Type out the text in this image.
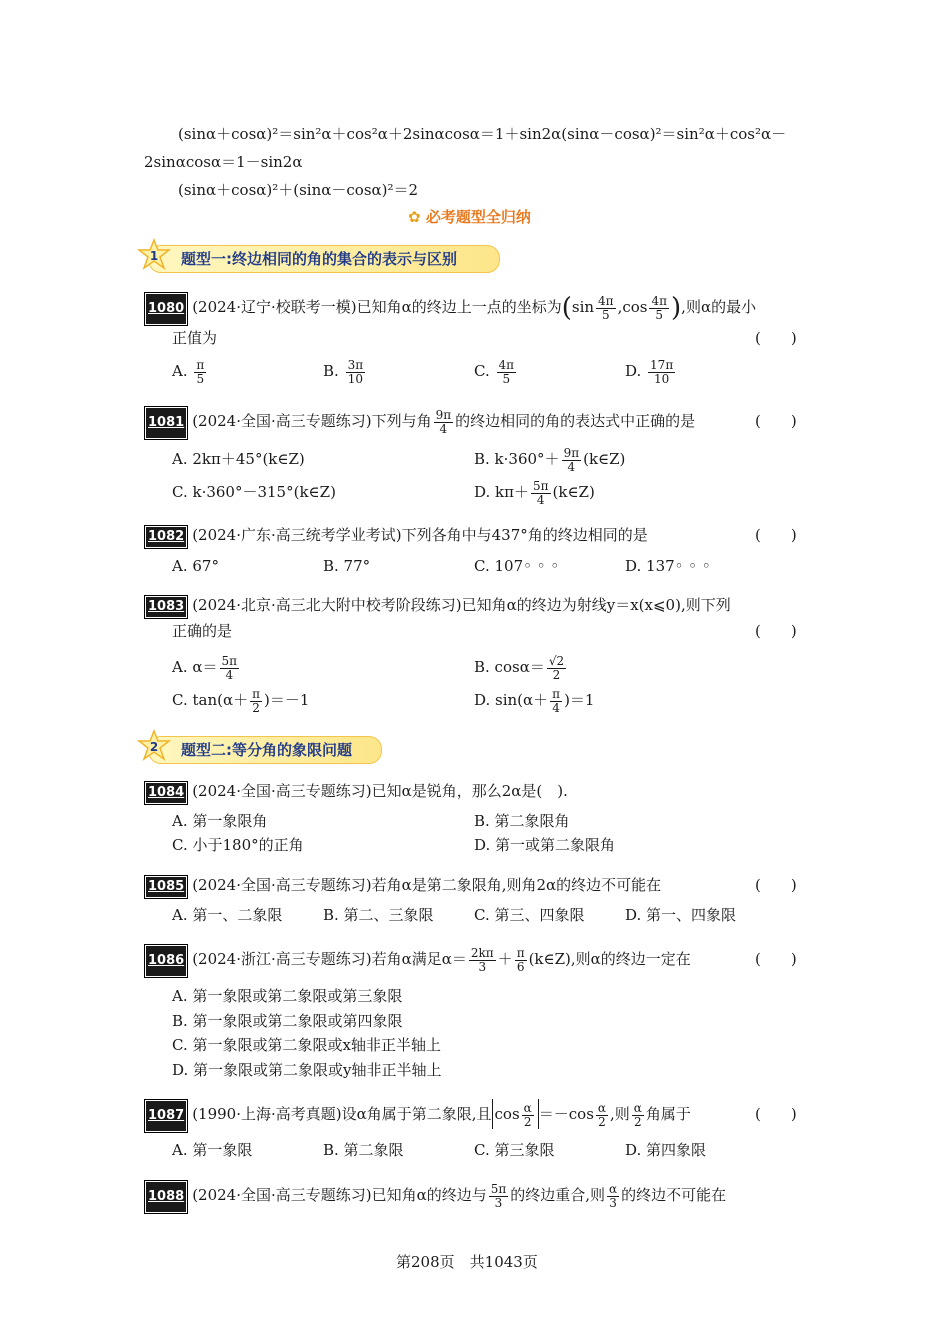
(sinα＋cosα)²＝sin²α＋cos²α＋2sinαcosα＝1＋sin2α(sinα－cosα)²＝sin²α＋cos²α－
2sinαcosα＝1－sin2α
(sinα＋cosα)²＋(sinα－cosα)²＝2
✿ 必考题型全归纳
1 题型一:终边相同的角的集合的表示与区别
1080 (2024·辽宁·校联考一模)已知角α的终边上一点的坐标为($\sin \frac{4\pi}{5} ,\cos \frac{4\pi}{5}$ ),则α的最小
正值为	(　　)
A. $\frac{\pi}{5}$	B. $\frac{3\pi}{10}$	C. $\frac{4\pi}{5}$	D. $\frac{17\pi}{10}$
1081 (2024·全国·高三专题练习)下列与角 $\frac{9\pi}{4}$ 的终边相同的角的表达式中正确的是	(　　)
A. 2kπ＋45°(k∈Z)	B. $k\cdot 360^\circ+ \frac{9\pi}{4}$ (k∈Z)
C. k·360°－315°(k∈Z)	D. $k\pi+ \frac{5\pi}{4}$ (k∈Z)
1082 (2024·广东·高三统考学业考试)下列各角中与437°角的终边相同的是	(　　)
A. 67°	B. 77°	C. 107◦ ◦ ◦	D. 137◦ ◦ ◦
1083 (2024·北京·高三北大附中校考阶段练习)已知角α的终边为射线y＝x(x⩽0),则下列
正确的是	(　　)
A. $\alpha= \frac{5\pi}{4}$	B. $\cos\alpha= \frac{√2}{2}$
C. $\tan(\alpha+ \frac{\pi}{2} )=-1$	D. $\sin(\alpha+ \frac{\pi}{4} )=1$
2 题型二:等分角的象限问题
1084 (2024·全国·高三专题练习)已知α是锐角，那么2α是(　).
A. 第一象限角	B. 第二象限角
C. 小于180°的正角	D. 第一或第二象限角
1085 (2024·全国·高三专题练习)若角α是第二象限角,则角2α的终边不可能在	(　　)
A. 第一、二象限	B. 第二、三象限	C. 第三、四象限	D. 第一、四象限
1086 (2024·浙江·高三专题练习)若角α满足$\alpha= \frac{2k\pi}{3} + \frac{\pi}{6}$ (k∈Z),则α的终边一定在	(　　)
A. 第一象限或第二象限或第三象限
B. 第一象限或第二象限或第四象限
C. 第一象限或第二象限或x轴非正半轴上
D. 第一象限或第二象限或y轴非正半轴上
1087 (1990·上海·高考真题)设α角属于第二象限,且 $\cos \frac{\alpha}{2} =-\cos \frac{\alpha}{2}$ ,则 $\frac{\alpha}{2}$ 角属于	(　　)
A. 第一象限	B. 第二象限	C. 第三象限	D. 第四象限
1088 (2024·全国·高三专题练习)已知角α的终边与 $\frac{5\pi}{3}$ 的终边重合,则 $\frac{\alpha}{3}$ 的终边不可能在
第208页　 共1043页
